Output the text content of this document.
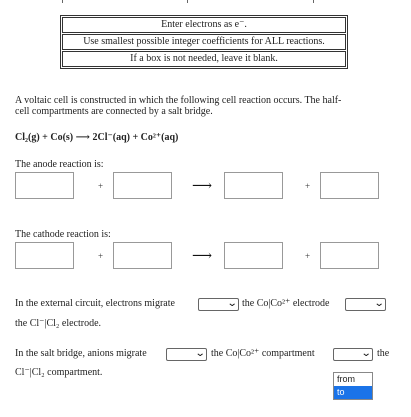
Enter electrons as e⁻.
Use smallest possible integer coefficients for ALL reactions.
If a box is not needed, leave it blank.
A voltaic cell is constructed in which the following cell reaction occurs. The half-
cell compartments are connected by a salt bridge.
Cl₂(g) + Co(s) ⟶ 2Cl⁻(aq) + Co²⁺(aq)
The anode reaction is:
+	⟶	+
The cathode reaction is:
+	⟶	+
In the external circuit, electrons migrate	⌄ the Co|Co²⁺ electrode	⌄
the Cl⁻|Cl₂ electrode.
In the salt bridge, anions migrate	⌄ the Co|Co²⁺ compartment	⌄ the
Cl⁻|Cl₂ compartment.
from
to
